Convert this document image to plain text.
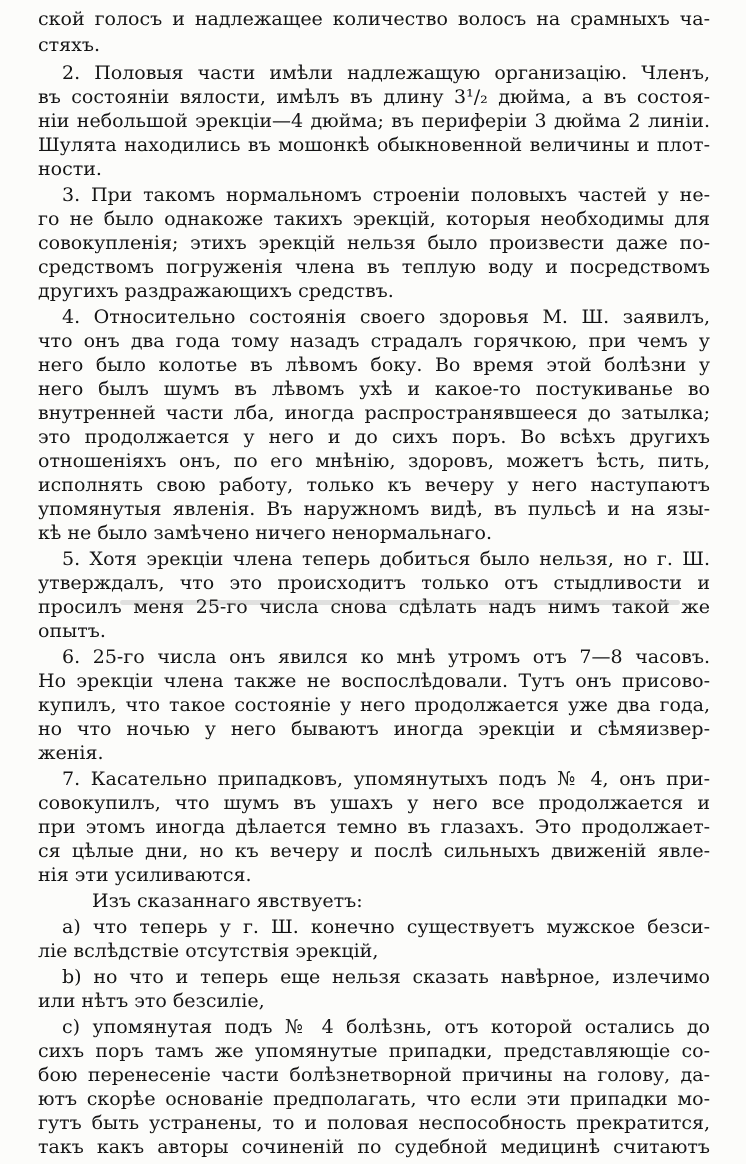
ской голосъ и надлежащее количество волосъ на срамныхъ ча-
стяхъ.
2. Половыя части имѣли надлежащую организацію. Членъ,
въ состояніи вялости, имѣлъ въ длину 3¹/₂ дюйма, а въ состоя-
ніи небольшой эрекціи—4 дюйма; въ периферіи 3 дюйма 2 линіи.
Шулята находились въ мошонкѣ обыкновенной величины и плот-
ности.
3. При такомъ нормальномъ строеніи половыхъ частей у не-
го не было однакоже такихъ эрекцій, которыя необходимы для
совокупленія; этихъ эрекцій нельзя было произвести даже по-
средствомъ погруженія члена въ теплую воду и посредствомъ
другихъ раздражающихъ средствъ.
4. Относительно состоянія своего здоровья М. Ш. заявилъ,
что онъ два года тому назадъ страдалъ горячкою, при чемъ у
него было колотье въ лѣвомъ боку. Во время этой болѣзни у
него былъ шумъ въ лѣвомъ ухѣ и какое-то постукиванье во
внутренней части лба, иногда распространявшееся до затылка;
это продолжается у него и до сихъ поръ. Во всѣхъ другихъ
отношеніяхъ онъ, по его мнѣнію, здоровъ, можетъ ѣсть, пить,
исполнять свою работу, только къ вечеру у него наступаютъ
упомянутыя явленія. Въ наружномъ видѣ, въ пульсѣ и на язы-
кѣ не было замѣчено ничего ненормальнаго.
5. Хотя эрекціи члена теперь добиться было нельзя, но г. Ш.
утверждалъ, что это происходитъ только отъ стыдливости и
просилъ меня 25-го числа снова сдѣлать надъ нимъ такой же
опытъ.
6. 25-го числа онъ явился ко мнѣ утромъ отъ 7—8 часовъ.
Но эрекціи члена также не воспослѣдовали. Тутъ онъ присово-
купилъ, что такое состояніе у него продолжается уже два года,
но что ночью у него бываютъ иногда эрекціи и сѣмяизвер-
женія.
7. Касательно припадковъ, упомянутыхъ подъ № 4, онъ при-
совокупилъ, что шумъ въ ушахъ у него все продолжается и
при этомъ иногда дѣлается темно въ глазахъ. Это продолжает-
ся цѣлые дни, но къ вечеру и послѣ сильныхъ движеній явле-
нія эти усиливаются.
Изъ сказаннаго явствуетъ:
a) что теперь у г. Ш. конечно существуетъ мужское безси-
ліе вслѣдствіе отсутствія эрекцій,
b) но что и теперь еще нельзя сказать навѣрное, излечимо
или нѣтъ это безсиліе,
c) упомянутая подъ № 4 болѣзнь, отъ которой остались до
сихъ поръ тамъ же упомянутые припадки, представляющіе со-
бою перенесеніе части болѣзнетворной причины на голову, да-
ютъ скорѣе основаніе предполагать, что если эти припадки мо-
гутъ быть устранены, то и половая неспособность прекратится,
такъ какъ авторы сочиненій по судебной медицинѣ считаютъ
